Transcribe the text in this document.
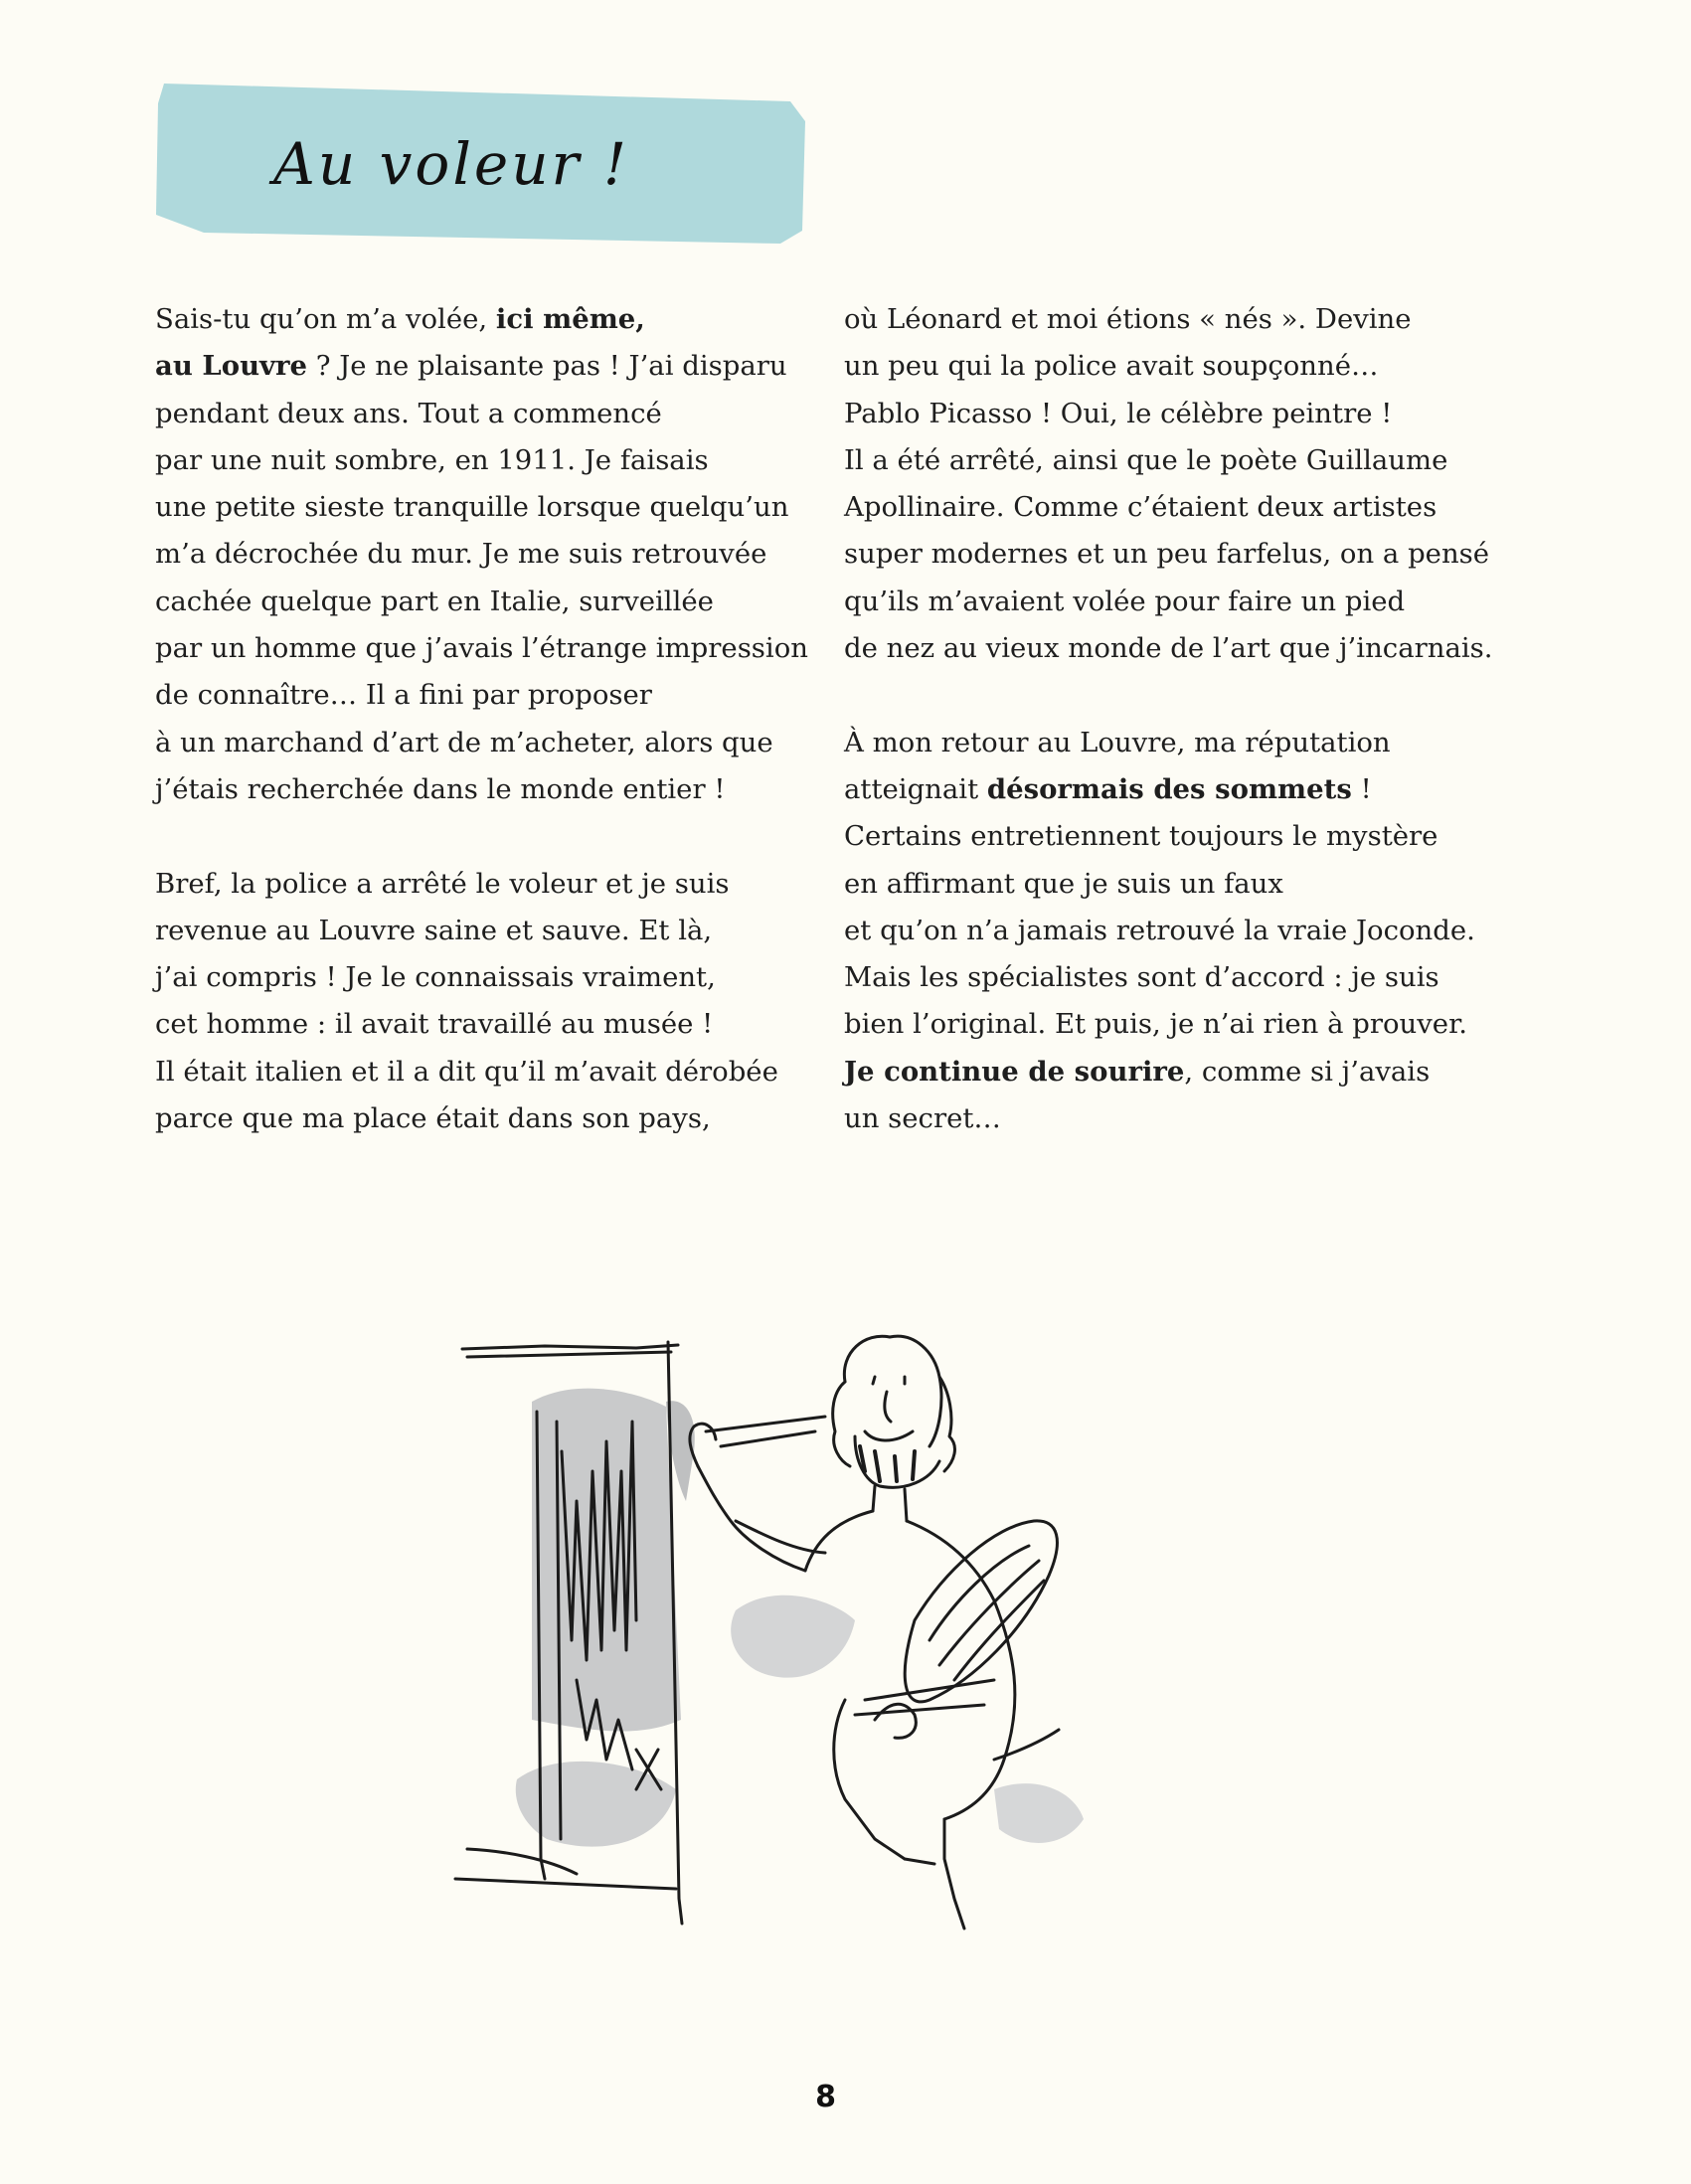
Au voleur !
Sais-tu qu’on m’a volée, ici même,
au Louvre ? Je ne plaisante pas ! J’ai disparu
pendant deux ans. Tout a commencé
par une nuit sombre, en 1911. Je faisais
une petite sieste tranquille lorsque quelqu’un
m’a décrochée du mur. Je me suis retrouvée
cachée quelque part en Italie, surveillée
par un homme que j’avais l’étrange impression
de connaître… Il a fini par proposer
à un marchand d’art de m’acheter, alors que
j’étais recherchée dans le monde entier !
Bref, la police a arrêté le voleur et je suis
revenue au Louvre saine et sauve. Et là,
j’ai compris ! Je le connaissais vraiment,
cet homme : il avait travaillé au musée !
Il était italien et il a dit qu’il m’avait dérobée
parce que ma place était dans son pays,
où Léonard et moi étions « nés ». Devine
un peu qui la police avait soupçonné…
Pablo Picasso ! Oui, le célèbre peintre !
Il a été arrêté, ainsi que le poète Guillaume
Apollinaire. Comme c’étaient deux artistes
super modernes et un peu farfelus, on a pensé
qu’ils m’avaient volée pour faire un pied
de nez au vieux monde de l’art que j’incarnais.
À mon retour au Louvre, ma réputation
atteignait désormais des sommets !
Certains entretiennent toujours le mystère
en affirmant que je suis un faux
et qu’on n’a jamais retrouvé la vraie Joconde.
Mais les spécialistes sont d’accord : je suis
bien l’original. Et puis, je n’ai rien à prouver.
Je continue de sourire, comme si j’avais
un secret…
8
